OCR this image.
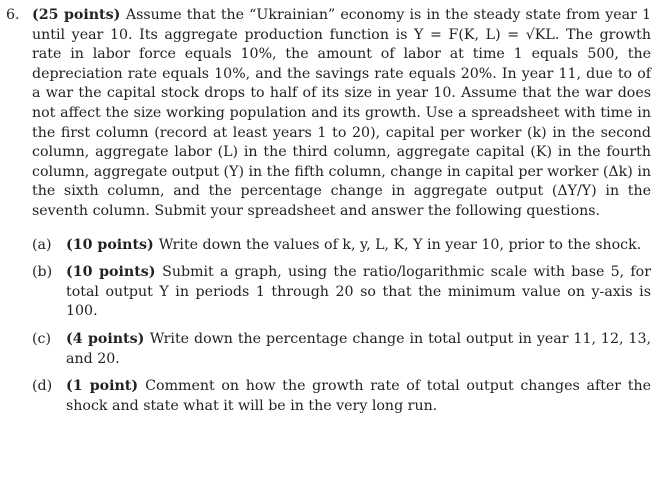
6. (25 points) Assume that the “Ukrainian” economy is in the steady state from year 1 until year 10. Its aggregate production function is Y = F(K, L) = √KL. The growth rate in labor force equals 10%, the amount of labor at time 1 equals 500, the depreciation rate equals 10%, and the savings rate equals 20%. In year 11, due to of a war the capital stock drops to half of its size in year 10. Assume that the war does not affect the size working population and its growth. Use a spreadsheet with time in the first column (record at least years 1 to 20), capital per worker (k) in the second column, aggregate labor (L) in the third column, aggregate capital (K) in the fourth column, aggregate output (Y) in the fifth column, change in capital per worker (Δk) in the sixth column, and the percentage change in aggregate output (ΔY/Y) in the seventh column. Submit your spreadsheet and answer the following questions.
(a)	(10 points) Write down the values of k, y, L, K, Y in year 10, prior to the shock.
(b) (10 points) Submit a graph, using the ratio/logarithmic scale with base 5, for total output Y in periods 1 through 20 so that the minimum value on y-axis is 100.
(c)	(4 points) Write down the percentage change in total output in year 11, 12, 13, and 20.
(d) (1 point) Comment on how the growth rate of total output changes after the shock and state what it will be in the very long run.
